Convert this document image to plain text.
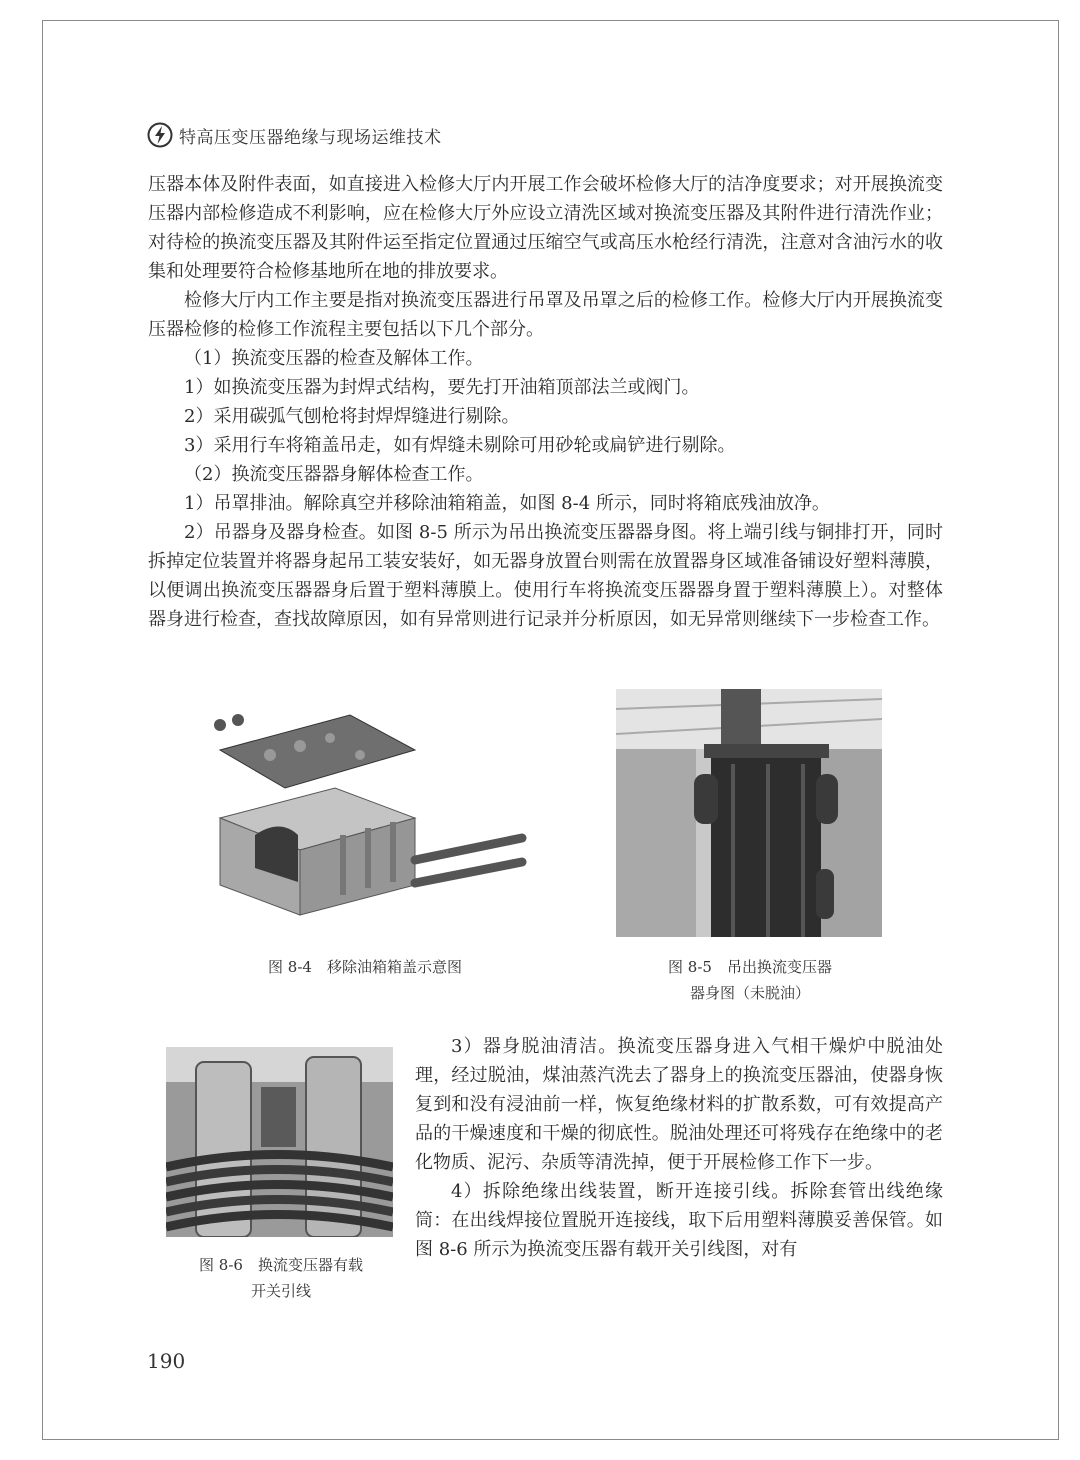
特高压变压器绝缘与现场运维技术

压器本体及附件表面，如直接进入检修大厅内开展工作会破坏检修大厅的洁净度要求；对开展换流变压器内部检修造成不利影响，应在检修大厅外应设立清洗区域对换流变压器及其附件进行清洗作业；对待检的换流变压器及其附件运至指定位置通过压缩空气或高压水枪经行清洗，注意对含油污水的收集和处理要符合检修基地所在地的排放要求。

检修大厅内工作主要是指对换流变压器进行吊罩及吊罩之后的检修工作。检修大厅内开展换流变压器检修的检修工作流程主要包括以下几个部分。

（1）换流变压器的检查及解体工作。

1）如换流变压器为封焊式结构，要先打开油箱顶部法兰或阀门。

2）采用碳弧气刨枪将封焊焊缝进行剔除。

3）采用行车将箱盖吊走，如有焊缝未剔除可用砂轮或扁铲进行剔除。

（2）换流变压器器身解体检查工作。

1）吊罩排油。解除真空并移除油箱箱盖，如图 8-4 所示，同时将箱底残油放净。

2）吊器身及器身检查。如图 8-5 所示为吊出换流变压器器身图。将上端引线与铜排打开，同时拆掉定位装置并将器身起吊工装安装好，如无器身放置台则需在放置器身区域准备铺设好塑料薄膜，以便调出换流变压器器身后置于塑料薄膜上。使用行车将换流变压器器身置于塑料薄膜上）。对整体器身进行检查，查找故障原因，如有异常则进行记录并分析原因，如无异常则继续下一步检查工作。

图 8-4　移除油箱箱盖示意图	图 8-5　吊出换流变压器
器身图（未脱油）
图 8-6　换流变压器有载
开关引线

3）器身脱油清洁。换流变压器身进入气相干燥炉中脱油处理，经过脱油，煤油蒸汽洗去了器身上的换流变压器油，使器身恢复到和没有浸油前一样，恢复绝缘材料的扩散系数，可有效提高产品的干燥速度和干燥的彻底性。脱油处理还可将残存在绝缘中的老化物质、泥污、杂质等清洗掉，便于开展检修工作下一步。

4）拆除绝缘出线装置，断开连接引线。拆除套管出线绝缘筒：在出线焊接位置脱开连接线，取下后用塑料薄膜妥善保管。如图 8-6 所示为换流变压器有载开关引线图，对有

190
